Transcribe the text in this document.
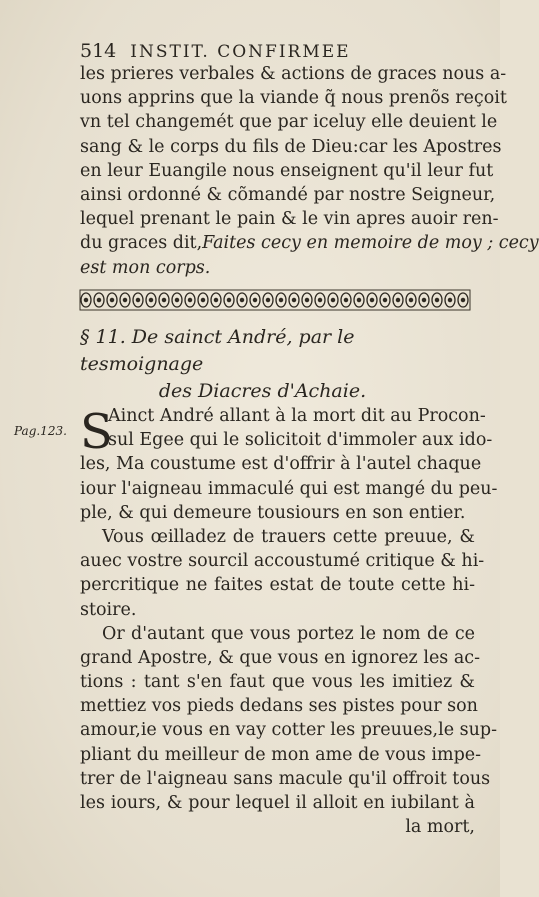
514 INSTIT. CONFIRMEE
les prieres verbales & actions de graces nous a-
uons apprins que la viande q̃ nous prenõs reçoit
vn tel changemét que par iceluy elle deuient le
sang & le corps du fils de Dieu:car les Apostres
en leur Euangile nous enseignent qu'il leur fut
ainsi ordonné & cõmandé par nostre Seigneur,
lequel prenant le pain & le vin apres auoir ren-
du graces dit,Faites cecy en memoire de moy ; cecy
est mon corps.
§ 11. De sainct André, par le tesmoignage
des Diacres d'Achaie.
Pag.123. S
Ainct André allant à la mort dit au Procon-
sul Egee qui le solicitoit d'immoler aux ido-
les, Ma coustume est d'offrir à l'autel chaque
iour l'aigneau immaculé qui est mangé du peu-
ple, & qui demeure tousiours en son entier.
Vous œilladez de trauers cette preuue, &
auec vostre sourcil accoustumé critique & hi-
percritique ne faites estat de toute cette hi-
stoire.
Or d'autant que vous portez le nom de ce
grand Apostre, & que vous en ignorez les ac-
tions : tant s'en faut que vous les imitiez &
mettiez vos pieds dedans ses pistes pour son
amour,ie vous en vay cotter les preuues,le sup-
pliant du meilleur de mon ame de vous impe-
trer de l'aigneau sans macule qu'il offroit tous
les iours, & pour lequel il alloit en iubilant à
la mort,
